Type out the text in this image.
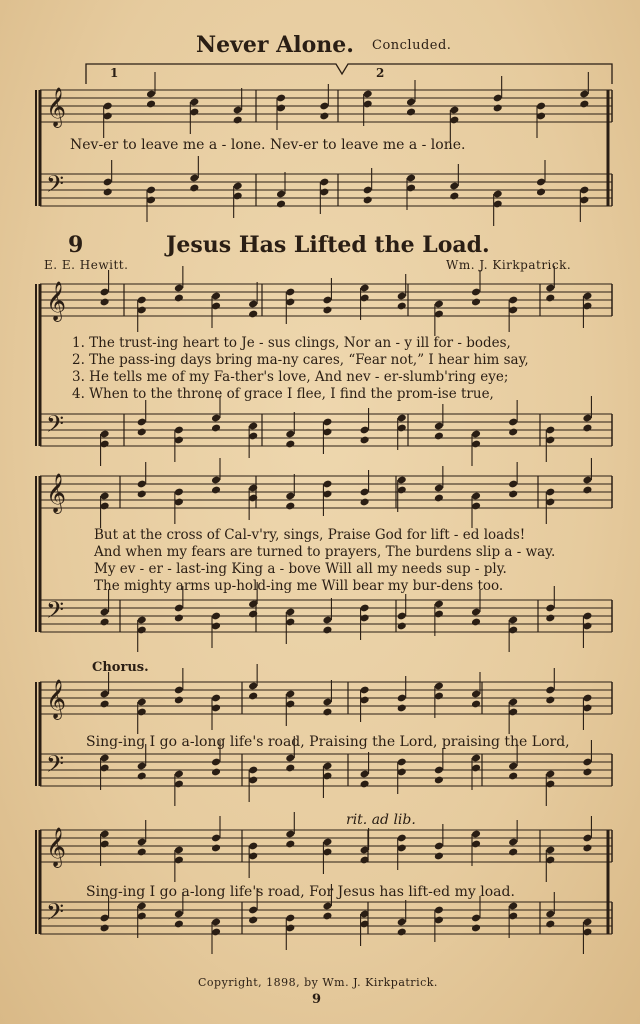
𝄞
𝄢
𝄞
𝄢
𝄞
𝄢
𝄞
𝄢
𝄞
𝄢
Never Alone. Concluded.
1	2
Nev-er to leave me a - lone. Nev-er to leave me a - lone.
9	Jesus Has Lifted the Load.
E. E. Hewitt.	Wm. J. Kirkpatrick.
1. The trust-ing heart to Je - sus clings, Nor an - y ill for - bodes,
2. The pass-ing days bring ma-ny cares, “Fear not,” I hear him say,
3. He tells me of my Fa-ther's love, And nev - er-slumb'ring eye;
4. When to the throne of grace I flee, I find the prom-ise true,
But at the cross of Cal-v'ry, sings, Praise God for lift - ed loads!
And when my fears are turned to prayers, The burdens slip a - way.
My ev - er - last-ing King a - bove Will all my needs sup - ply.
The mighty arms up-hold-ing me Will bear my bur-dens too.
Chorus.
Sing-ing I go a-long life's road, Praising the Lord, praising the Lord,
rit. ad lib.
Sing-ing I go a-long life's road, For Jesus has lift-ed my load.
Copyright, 1898, by Wm. J. Kirkpatrick.
9
